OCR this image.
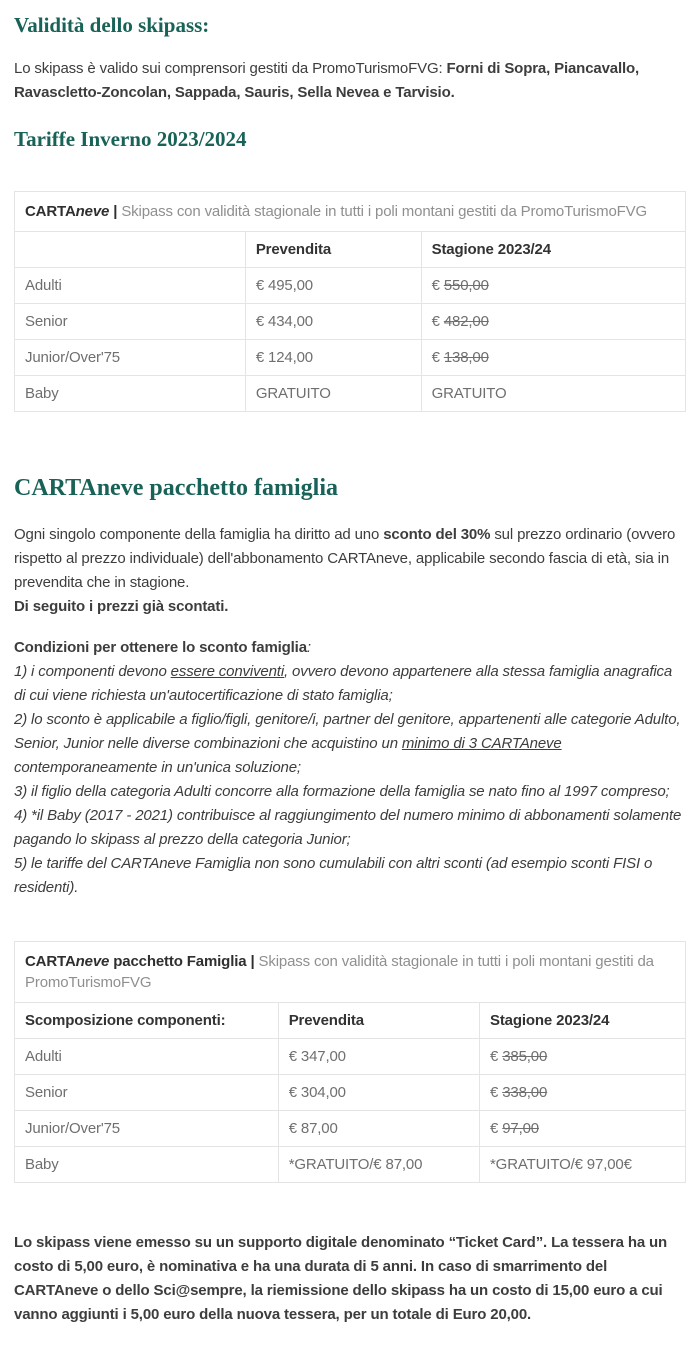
Validità dello skipass:

Lo skipass è valido sui comprensori gestiti da PromoTurismoFVG: Forni di Sopra, Piancavallo, Ravascletto-Zoncolan, Sappada, Sauris, Sella Nevea e Tarvisio.

Tariffe Inverno 2023/2024
CARTAneve | Skipass con validità stagionale in tutti i poli montani gestiti da PromoTurismoFVG		
	Prevendita	Stagione 2023/24
Adulti	€ 495,00	€ 550,00
Senior	€ 434,00	€ 482,00
Junior/Over'75	€ 124,00	€ 138,00
Baby	GRATUITO	GRATUITO
CARTAneve pacchetto famiglia

Ogni singolo componente della famiglia ha diritto ad uno sconto del 30% sul prezzo ordinario (ovvero rispetto al prezzo individuale) dell'abbonamento CARTAneve, applicabile secondo fascia di età, sia in prevendita che in stagione.
Di seguito i prezzi già scontati.

Condizioni per ottenere lo sconto famiglia:
1) i componenti devono essere conviventi, ovvero devono appartenere alla stessa famiglia anagrafica di cui viene richiesta un'autocertificazione di stato famiglia;
2) lo sconto è applicabile a figlio/figli, genitore/i, partner del genitore, appartenenti alle categorie Adulto, Senior, Junior nelle diverse combinazioni che acquistino un minimo di 3 CARTAneve contemporaneamente in un'unica soluzione;
3) il figlio della categoria Adulti concorre alla formazione della famiglia se nato fino al 1997 compreso;
4) *il Baby (2017 - 2021) contribuisce al raggiungimento del numero minimo di abbonamenti solamente pagando lo skipass al prezzo della categoria Junior;
5) le tariffe del CARTAneve Famiglia non sono cumulabili con altri sconti (ad esempio sconti FISI o residenti).
CARTAneve pacchetto Famiglia | Skipass con validità stagionale in tutti i poli montani gestiti da PromoTurismoFVG		
Scomposizione componenti:	Prevendita	Stagione 2023/24
Adulti	€ 347,00	€ 385,00
Senior	€ 304,00	€ 338,00
Junior/Over'75	€ 87,00	€ 97,00
Baby	*GRATUITO/€ 87,00	*GRATUITO/€ 97,00€

Lo skipass viene emesso su un supporto digitale denominato “Ticket Card”. La tessera ha un costo di 5,00 euro, è nominativa e ha una durata di 5 anni. In caso di smarrimento del CARTAneve o dello Sci@sempre, la riemissione dello skipass ha un costo di 15,00 euro a cui vanno aggiunti i 5,00 euro della nuova tessera, per un totale di Euro 20,00.
